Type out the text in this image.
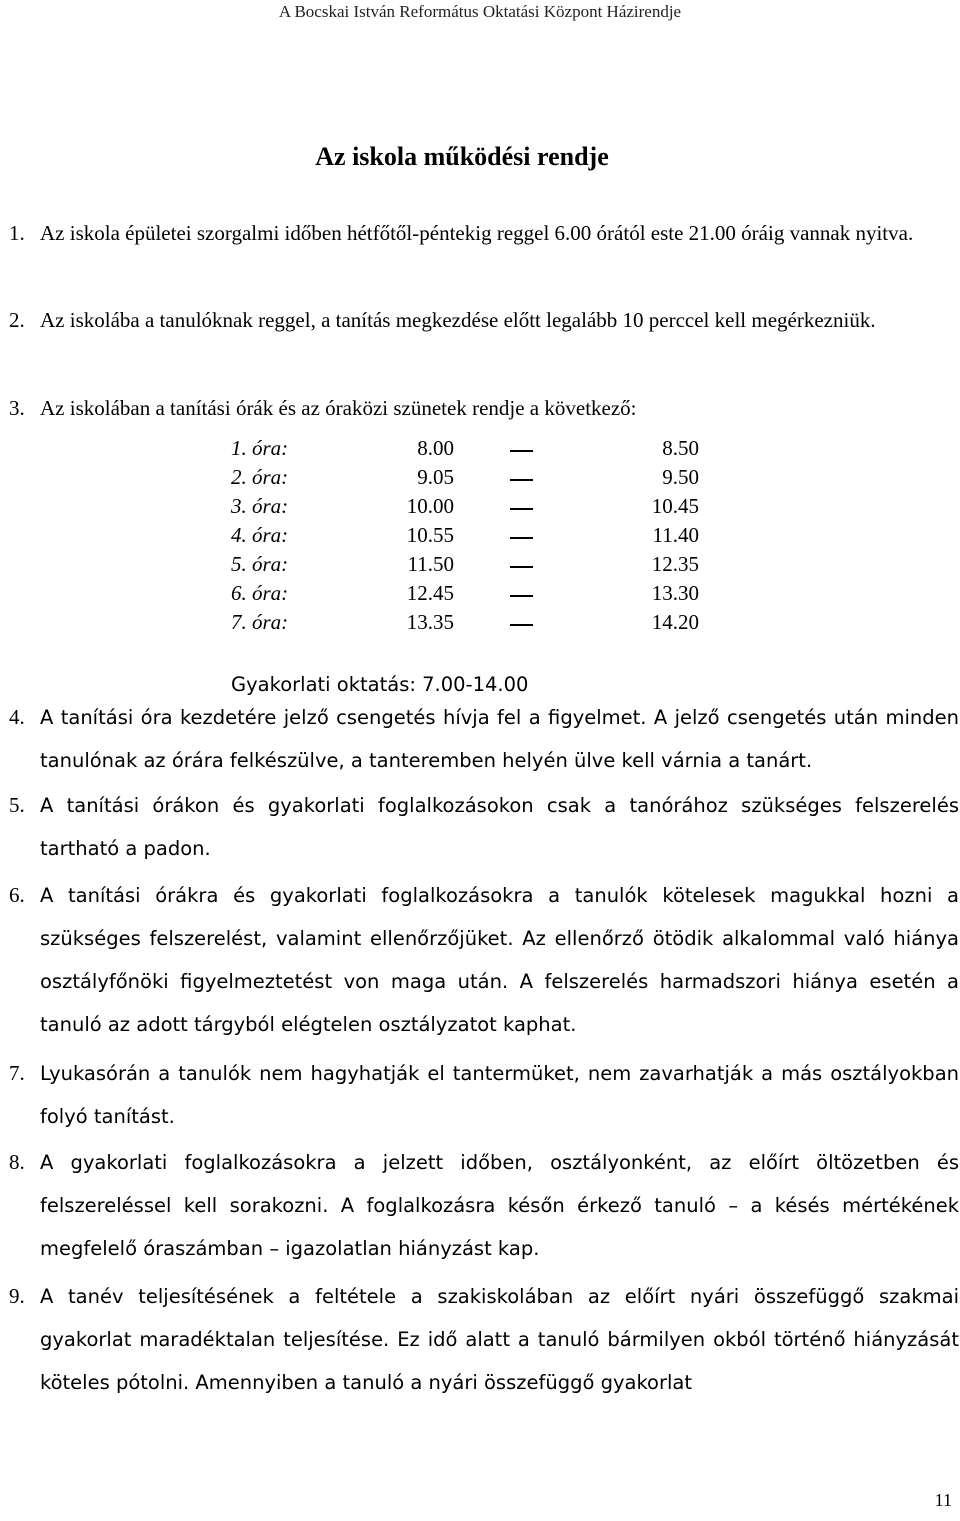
A Bocskai István Református Oktatási Központ Házirendje
Az iskola működési rendje
1. Az iskola épületei szorgalmi időben hétfőtől-péntekig reggel 6.00 órától este 21.00 óráig vannak nyitva.
2. Az iskolába a tanulóknak reggel, a tanítás megkezdése előtt legalább 10 perccel kell megérkezniük.
3. Az iskolában a tanítási órák és az óraközi szünetek rendje a következő:
1. óra:	8.00	8.50
2. óra:	9.05	9.50
3. óra:	10.00	10.45
4. óra:	10.55	11.40
5. óra:	11.50	12.35
6. óra:	12.45	13.30
7. óra:	13.35	14.20
Gyakorlati oktatás: 7.00-14.00
4. A tanítási óra kezdetére jelző csengetés hívja fel a figyelmet. A jelző csengetés után minden tanulónak az órára felkészülve, a tanteremben helyén ülve kell várnia a tanárt.
5. A tanítási órákon és gyakorlati foglalkozásokon csak a tanórához szükséges felszerelés tartható a padon.
6. A tanítási órákra és gyakorlati foglalkozásokra a tanulók kötelesek magukkal hozni a szükséges felszerelést, valamint ellenőrzőjüket. Az ellenőrző ötödik alkalommal való hiánya osztályfőnöki figyelmeztetést von maga után. A felszerelés harmadszori hiánya esetén a tanuló az adott tárgyból elégtelen osztályzatot kaphat.
7. Lyukasórán a tanulók nem hagyhatják el tantermüket, nem zavarhatják a más osztályokban folyó tanítást.
8. A gyakorlati foglalkozásokra a jelzett időben, osztályonként, az előírt öltözetben és felszereléssel kell sorakozni. A foglalkozásra későn érkező tanuló – a késés mértékének megfelelő óraszámban – igazolatlan hiányzást kap.
9. A tanév teljesítésének a feltétele a szakiskolában az előírt nyári összefüggő szakmai gyakorlat maradéktalan teljesítése. Ez idő alatt a tanuló bármilyen okból történő hiányzását köteles pótolni. Amennyiben a tanuló a nyári összefüggő gyakorlat
11
